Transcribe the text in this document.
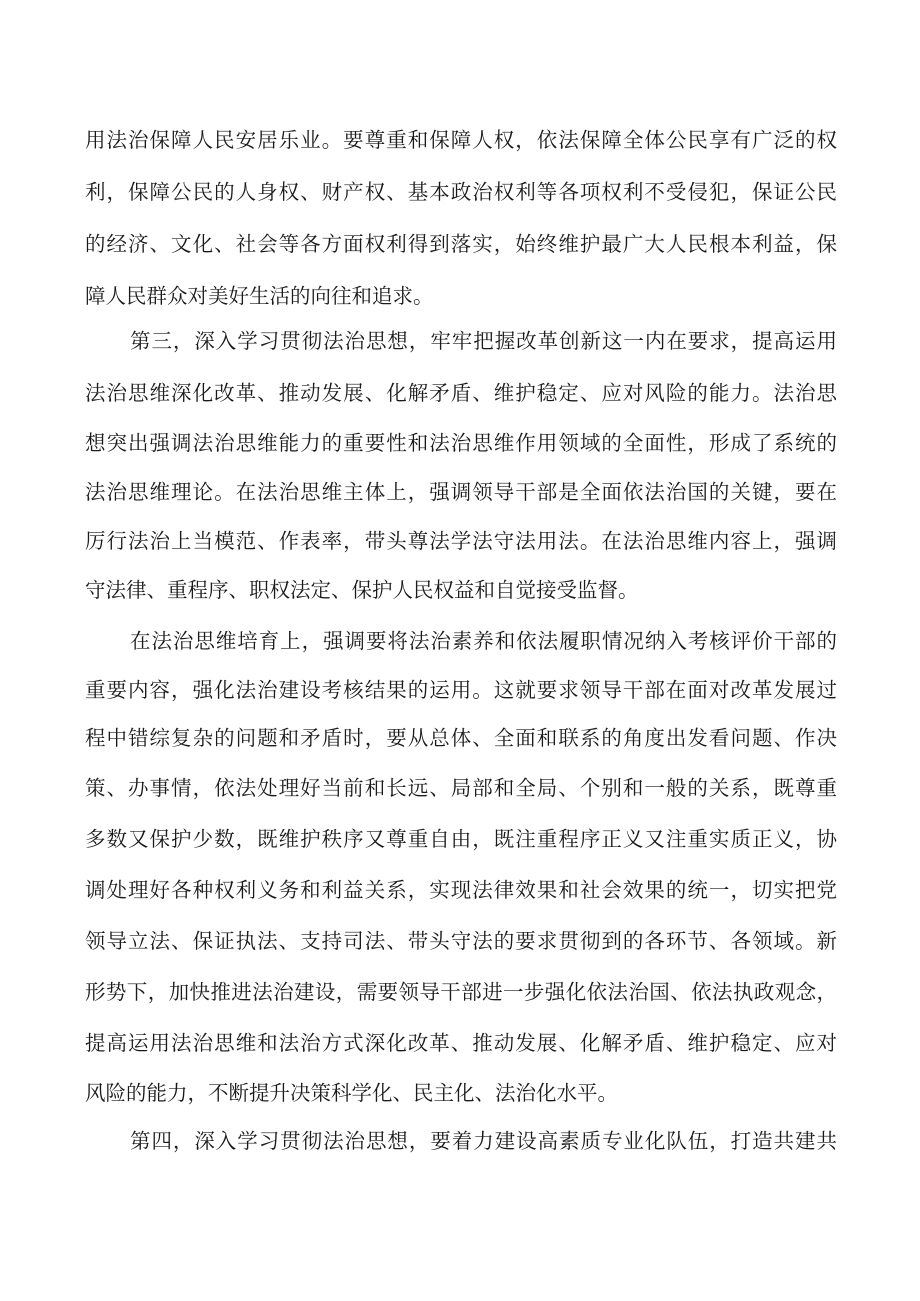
用法治保障人民安居乐业。要尊重和保障人权，依法保障全体公民享有广泛的权
利，保障公民的人身权、财产权、基本政治权利等各项权利不受侵犯，保证公民
的经济、文化、社会等各方面权利得到落实，始终维护最广大人民根本利益，保
障人民群众对美好生活的向往和追求。
第三，深入学习贯彻法治思想，牢牢把握改革创新这一内在要求，提高运用
法治思维深化改革、推动发展、化解矛盾、维护稳定、应对风险的能力。法治思
想突出强调法治思维能力的重要性和法治思维作用领域的全面性，形成了系统的
法治思维理论。在法治思维主体上，强调领导干部是全面依法治国的关键，要在
厉行法治上当模范、作表率，带头尊法学法守法用法。在法治思维内容上，强调
守法律、重程序、职权法定、保护人民权益和自觉接受监督。
在法治思维培育上，强调要将法治素养和依法履职情况纳入考核评价干部的
重要内容，强化法治建设考核结果的运用。这就要求领导干部在面对改革发展过
程中错综复杂的问题和矛盾时，要从总体、全面和联系的角度出发看问题、作决
策、办事情，依法处理好当前和长远、局部和全局、个别和一般的关系，既尊重
多数又保护少数，既维护秩序又尊重自由，既注重程序正义又注重实质正义，协
调处理好各种权利义务和利益关系，实现法律效果和社会效果的统一，切实把党
领导立法、保证执法、支持司法、带头守法的要求贯彻到的各环节、各领域。新
形势下，加快推进法治建设，需要领导干部进一步强化依法治国、依法执政观念，
提高运用法治思维和法治方式深化改革、推动发展、化解矛盾、维护稳定、应对
风险的能力，不断提升决策科学化、民主化、法治化水平。
第四，深入学习贯彻法治思想，要着力建设高素质专业化队伍，打造共建共
